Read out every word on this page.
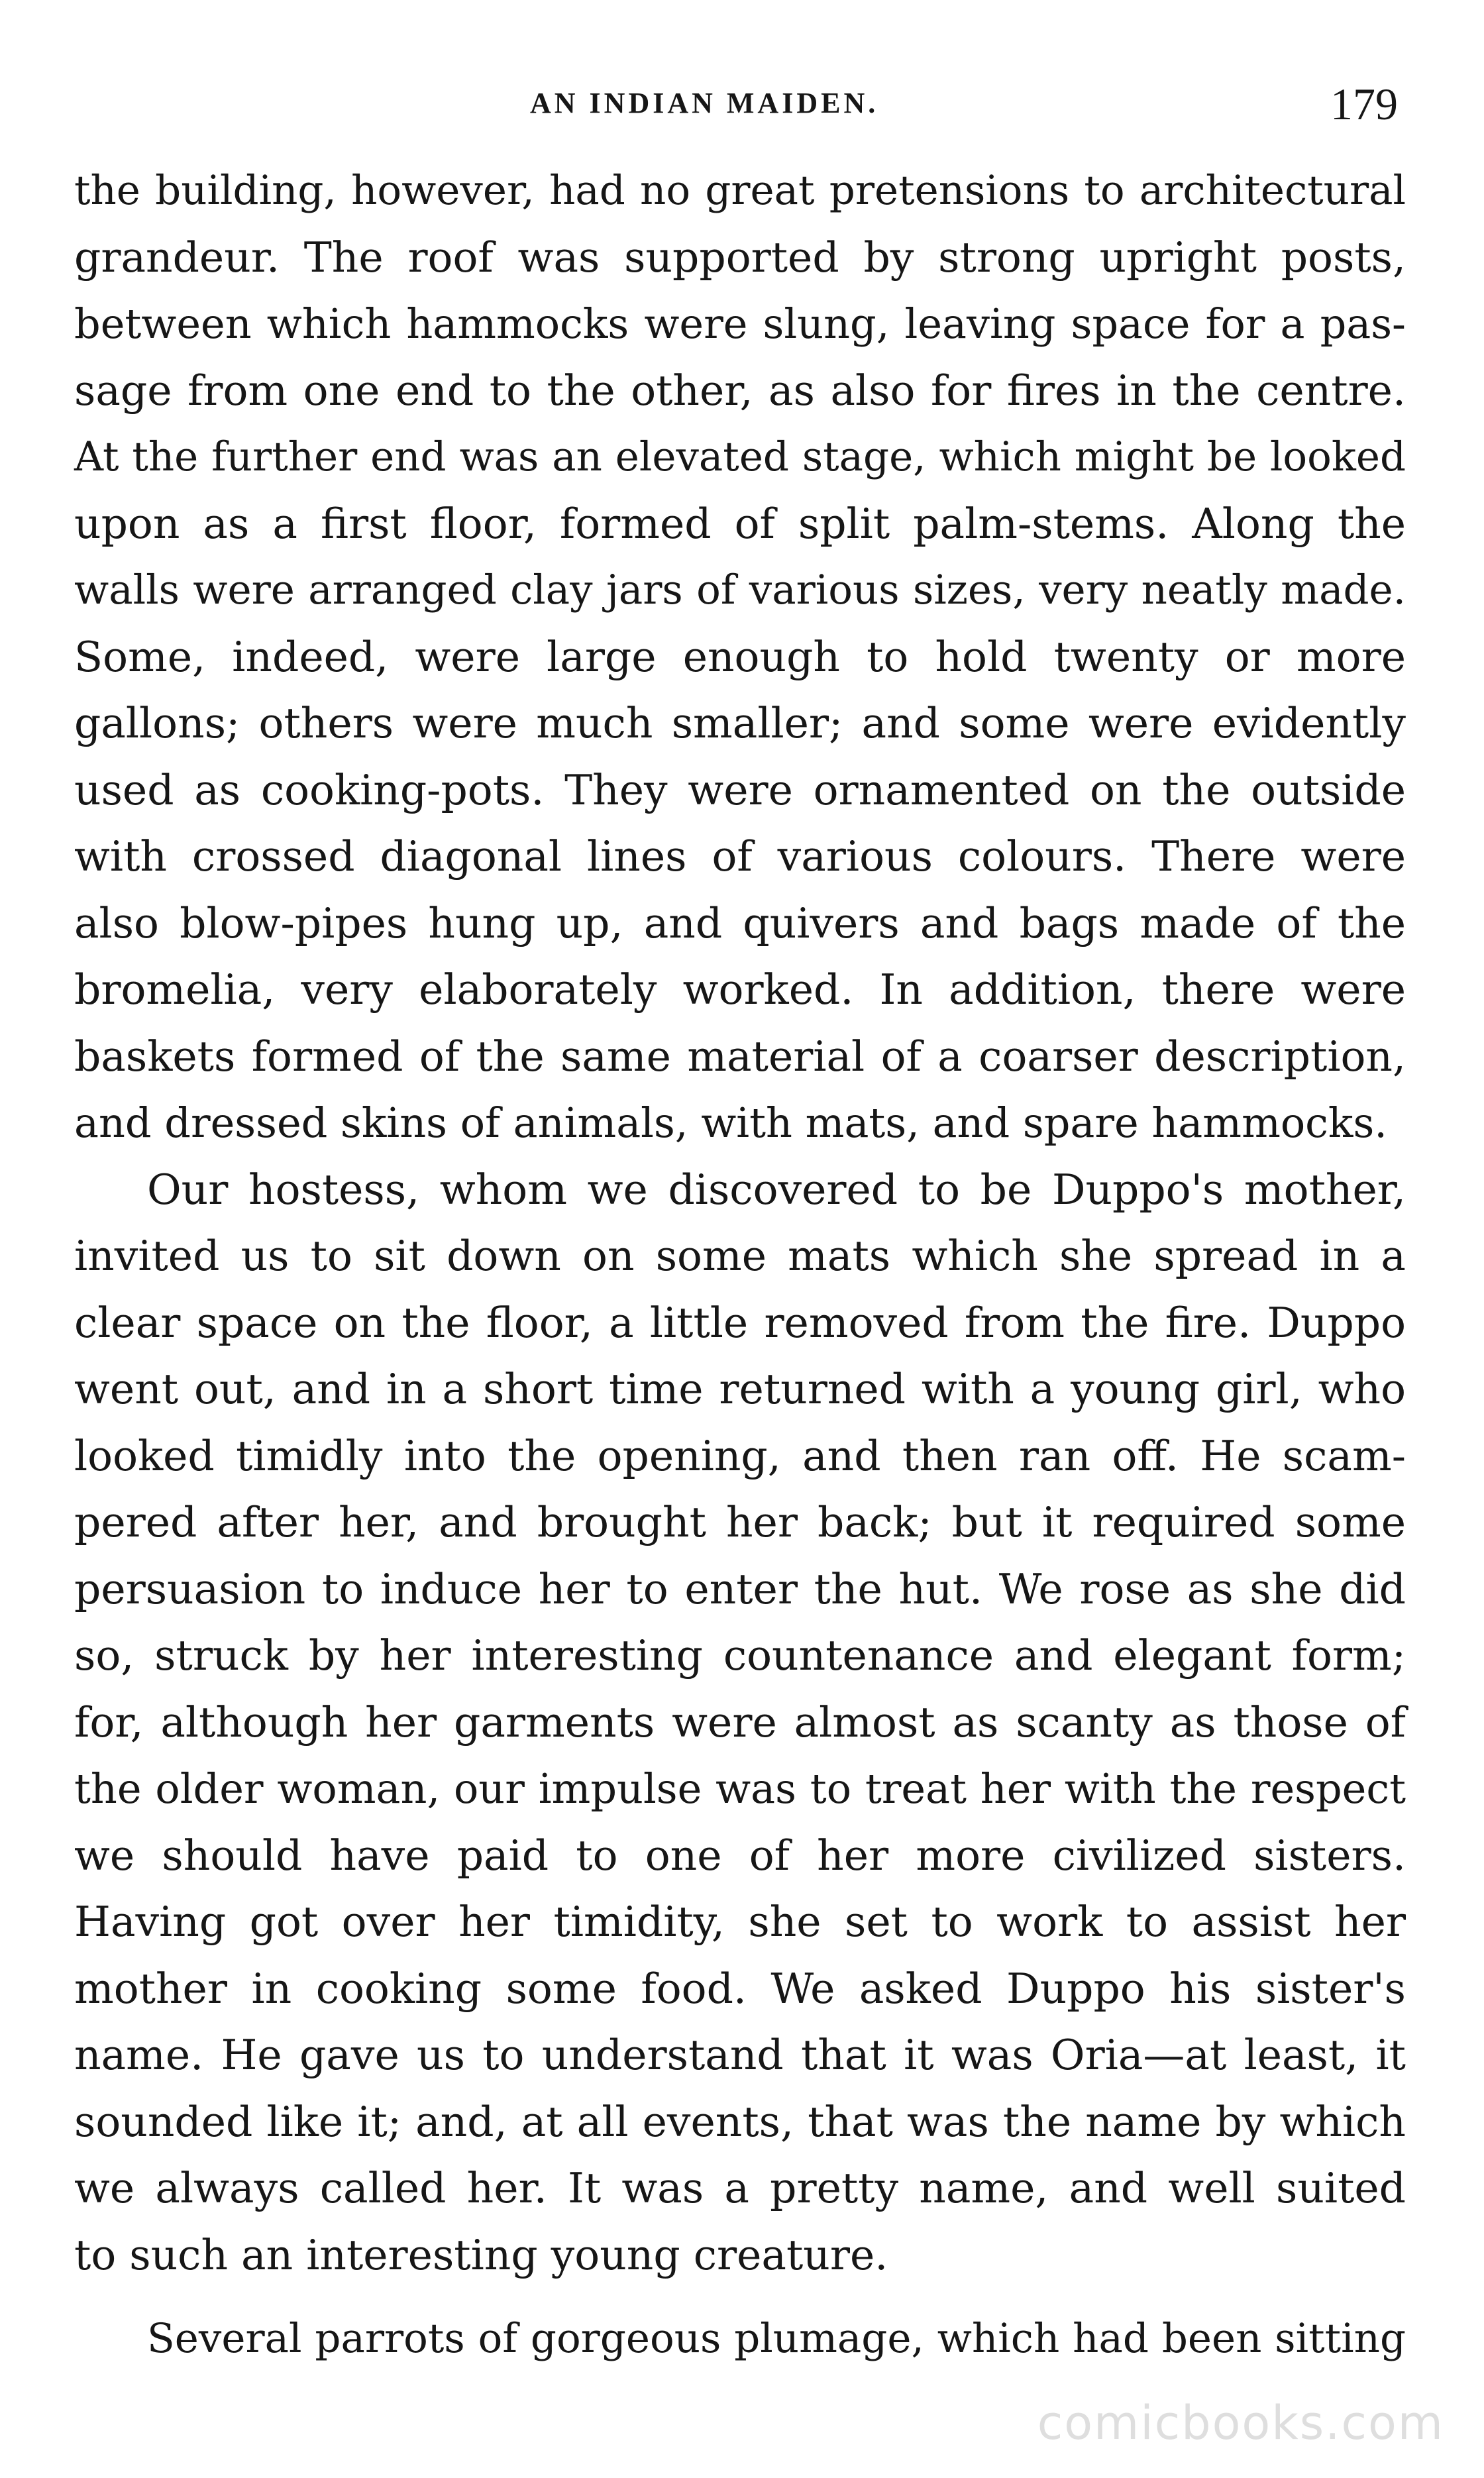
AN INDIAN MAIDEN.	179
the building, however, had no great pretensions to architectural
grandeur. The roof was supported by strong upright posts,
between which hammocks were slung, leaving space for a pas-
sage from one end to the other, as also for fires in the centre.
At the further end was an elevated stage, which might be looked
upon as a first floor, formed of split palm-stems. Along the
walls were arranged clay jars of various sizes, very neatly made.
Some, indeed, were large enough to hold twenty or more
gallons; others were much smaller; and some were evidently
used as cooking-pots. They were ornamented on the outside
with crossed diagonal lines of various colours. There were
also blow-pipes hung up, and quivers and bags made of the
bromelia, very elaborately worked. In addition, there were
baskets formed of the same material of a coarser description,
and dressed skins of animals, with mats, and spare hammocks.
Our hostess, whom we discovered to be Duppo's mother,
invited us to sit down on some mats which she spread in a
clear space on the floor, a little removed from the fire. Duppo
went out, and in a short time returned with a young girl, who
looked timidly into the opening, and then ran off. He scam-
pered after her, and brought her back; but it required some
persuasion to induce her to enter the hut. We rose as she did
so, struck by her interesting countenance and elegant form;
for, although her garments were almost as scanty as those of
the older woman, our impulse was to treat her with the respect
we should have paid to one of her more civilized sisters.
Having got over her timidity, she set to work to assist her
mother in cooking some food. We asked Duppo his sister's
name. He gave us to understand that it was Oria—at least, it
sounded like it; and, at all events, that was the name by which
we always called her. It was a pretty name, and well suited
to such an interesting young creature.
Several parrots of gorgeous plumage, which had been sitting
comicbooks.com
